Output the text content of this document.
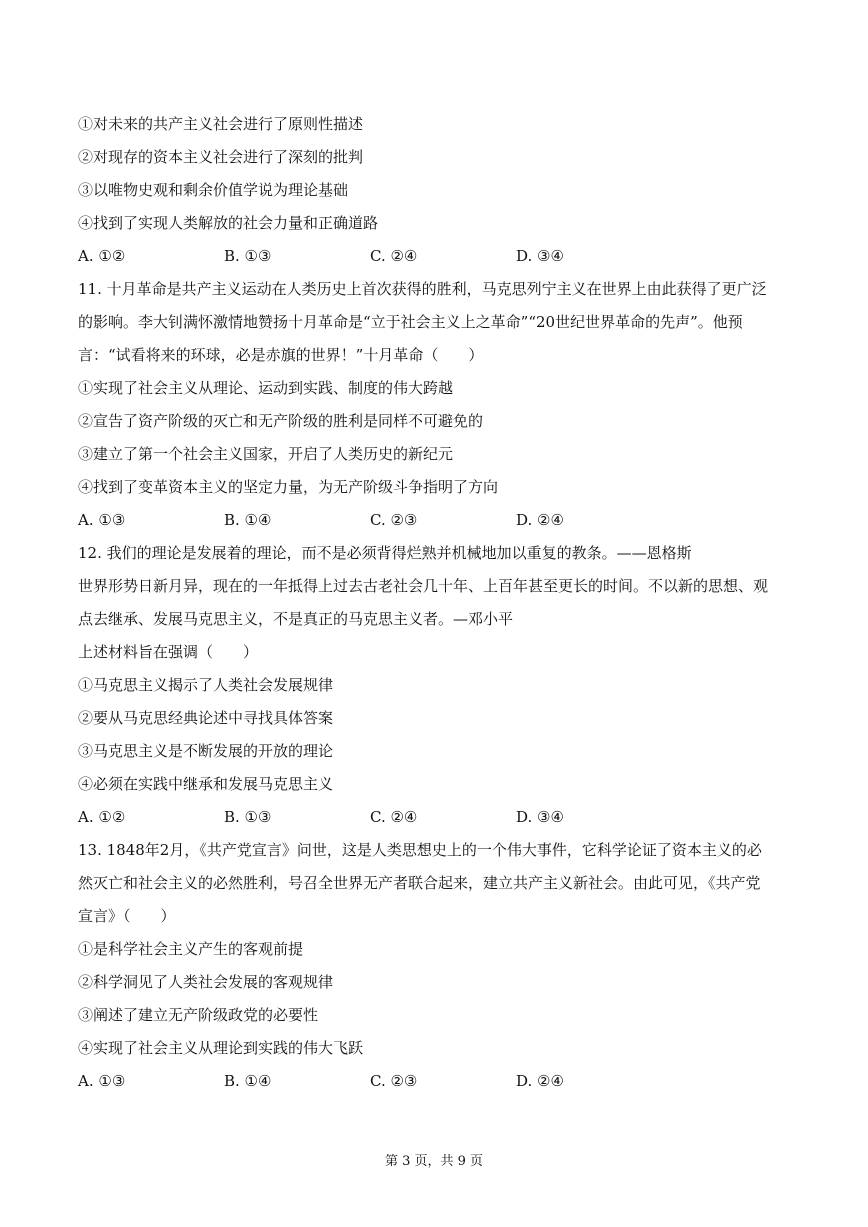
①对未来的共产主义社会进行了原则性描述
②对现存的资本主义社会进行了深刻的批判
③以唯物史观和剩余价值学说为理论基础
④找到了实现人类解放的社会力量和正确道路
A. ①②	B. ①③	C. ②④	D. ③④
11. 十月革命是共产主义运动在人类历史上首次获得的胜利，马克思列宁主义在世界上由此获得了更广泛
的影响。李大钊满怀激情地赞扬十月革命是“立于社会主义上之革命”“20世纪世界革命的先声”。他预
言：“试看将来的环球，必是赤旗的世界！”十月革命（　　）
①实现了社会主义从理论、运动到实践、制度的伟大跨越
②宣告了资产阶级的灭亡和无产阶级的胜利是同样不可避免的
③建立了第一个社会主义国家，开启了人类历史的新纪元
④找到了变革资本主义的坚定力量，为无产阶级斗争指明了方向
A. ①③	B. ①④	C. ②③	D. ②④
12. 我们的理论是发展着的理论，而不是必须背得烂熟并机械地加以重复的教条。——恩格斯
世界形势日新月异，现在的一年抵得上过去古老社会几十年、上百年甚至更长的时间。不以新的思想、观
点去继承、发展马克思主义，不是真正的马克思主义者。—邓小平
上述材料旨在强调（　　）
①马克思主义揭示了人类社会发展规律
②要从马克思经典论述中寻找具体答案
③马克思主义是不断发展的开放的理论
④必须在实践中继承和发展马克思主义
A. ①②	B. ①③	C. ②④	D. ③④
13. 1848年2月，《共产党宣言》问世，这是人类思想史上的一个伟大事件，它科学论证了资本主义的必
然灭亡和社会主义的必然胜利，号召全世界无产者联合起来，建立共产主义新社会。由此可见，《共产党
宣言》（　　）
①是科学社会主义产生的客观前提
②科学洞见了人类社会发展的客观规律
③阐述了建立无产阶级政党的必要性
④实现了社会主义从理论到实践的伟大飞跃
A. ①③	B. ①④	C. ②③	D. ②④
第 3 页，共 9 页
